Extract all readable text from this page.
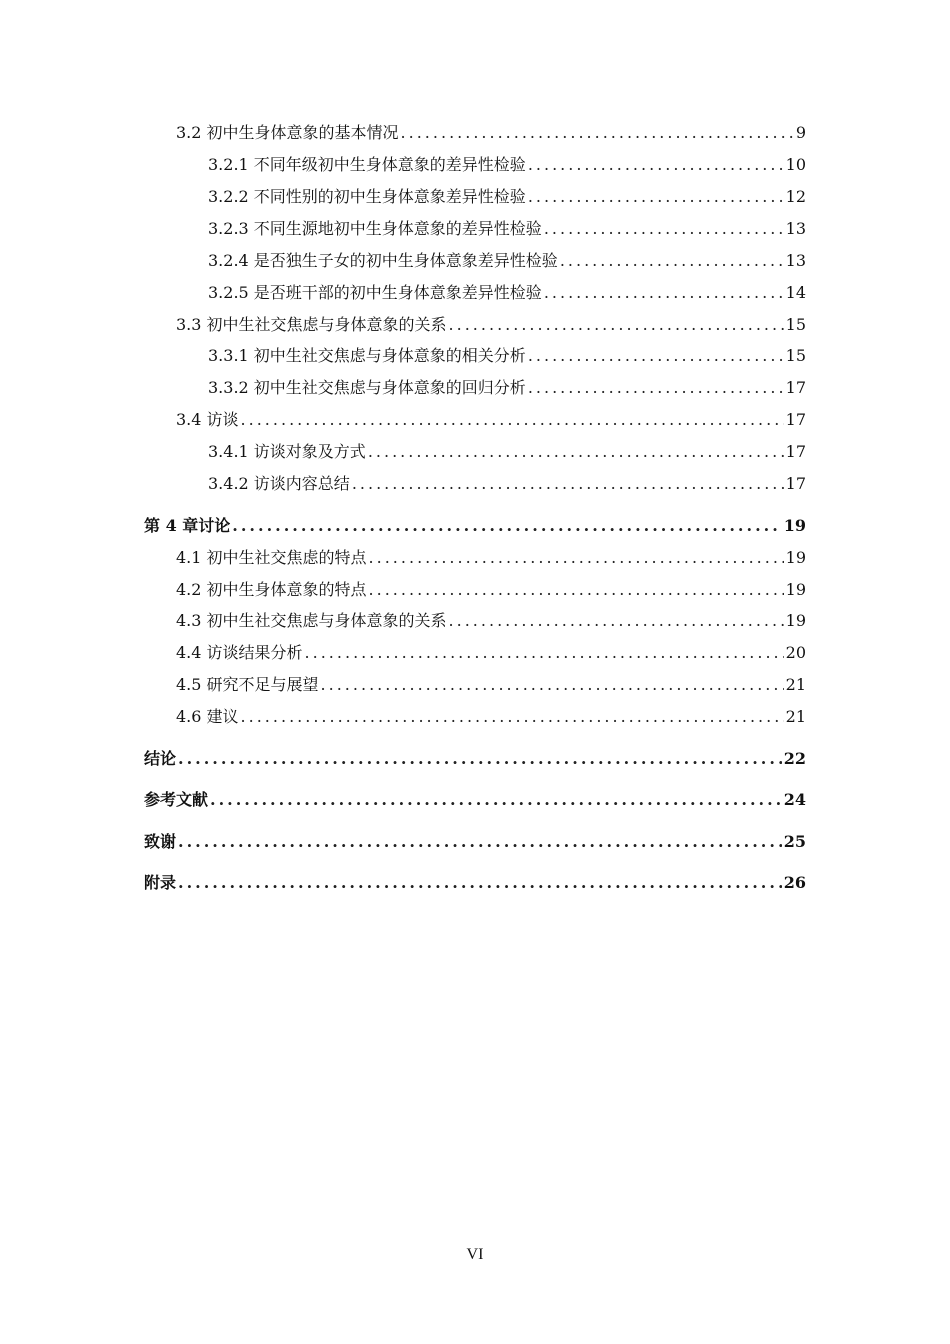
3.2 初中生身体意象的基本情况 .....	9
3.2.1 不同年级初中生身体意象的差异性检验 .....	10
3.2.2 不同性别的初中生身体意象差异性检验 .....	12
3.2.3 不同生源地初中生身体意象的差异性检验 .....	13
3.2.4 是否独生子女的初中生身体意象差异性检验 .....	13
3.2.5 是否班干部的初中生身体意象差异性检验 .....	14
3.3 初中生社交焦虑与身体意象的关系 .....	15
3.3.1 初中生社交焦虑与身体意象的相关分析 .....	15
3.3.2 初中生社交焦虑与身体意象的回归分析 .....	17
3.4 访谈 .....	17
3.4.1 访谈对象及方式 .....	17
3.4.2 访谈内容总结 .....	17
第 4 章讨论 .....	19
4.1 初中生社交焦虑的特点 .....	19
4.2 初中生身体意象的特点 .....	19
4.3 初中生社交焦虑与身体意象的关系 .....	19
4.4 访谈结果分析 .....	20
4.5 研究不足与展望 .....	21
4.6 建议 .....	21
结论 .....	22
参考文献 .....	24
致谢 .....	25
附录 .....	26
VI
